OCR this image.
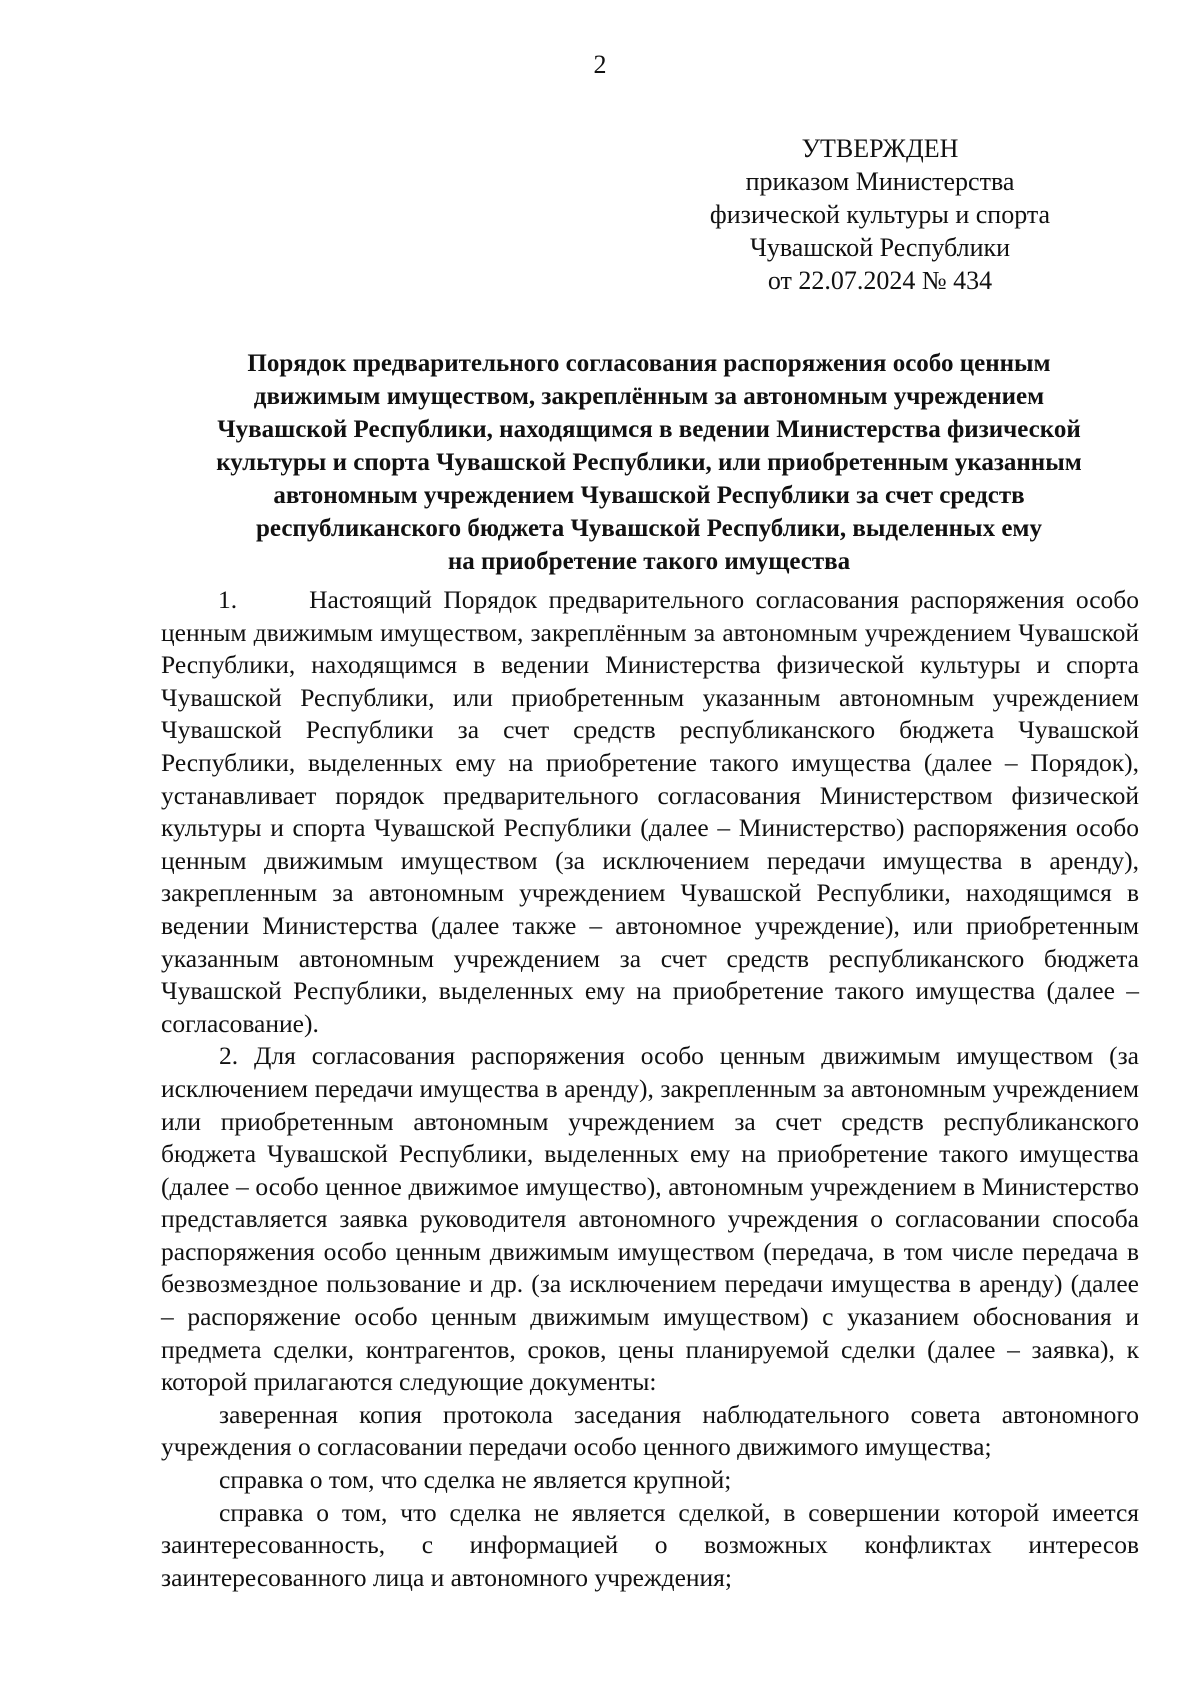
2
УТВЕРЖДЕН
приказом Министерства
физической культуры и спорта
Чувашской Республики
от 22.07.2024 № 434
Порядок предварительного согласования распоряжения особо ценным
движимым имуществом, закреплённым за автономным учреждением
Чувашской Республики, находящимся в ведении Министерства физической
культуры и спорта Чувашской Республики, или приобретенным указанным
автономным учреждением Чувашской Республики за счет средств
республиканского бюджета Чувашской Республики, выделенных ему
на приобретение такого имущества

1.	Настоящий Порядок предварительного согласования распоряжения особо ценным движимым имуществом, закреплённым за автономным учреждением Чувашской Республики, находящимся в ведении Министерства физической культуры и спорта Чувашской Республики, или приобретенным указанным автономным учреждением Чувашской Республики за счет средств республиканского бюджета Чувашской Республики, выделенных ему на приобретение такого имущества (далее – Порядок), устанавливает порядок предварительного согласования Министерством физической культуры и спорта Чувашской Республики (далее – Министерство) распоряжения особо ценным движимым имуществом (за исключением передачи имущества в аренду), закрепленным за автономным учреждением Чувашской Республики, находящимся в ведении Министерства (далее также – автономное учреждение), или приобретенным указанным автономным учреждением за счет средств республиканского бюджета Чувашской Республики, выделенных ему на приобретение такого имущества (далее – согласование).

2. Для согласования распоряжения особо ценным движимым имуществом (за исключением передачи имущества в аренду), закрепленным за автономным учреждением или приобретенным автономным учреждением за счет средств республиканского бюджета Чувашской Республики, выделенных ему на приобретение такого имущества (далее – особо ценное движимое имущество), автономным учреждением в Министерство представляется заявка руководителя автономного учреждения о согласовании способа распоряжения особо ценным движимым имуществом (передача, в том числе передача в безвозмездное пользование и др. (за исключением передачи имущества в аренду) (далее – распоряжение особо ценным движимым имуществом) с указанием обоснования и предмета сделки, контрагентов, сроков, цены планируемой сделки (далее – заявка), к которой прилагаются следующие документы:

заверенная копия протокола заседания наблюдательного совета автономного учреждения о согласовании передачи особо ценного движимого имущества;

справка о том, что сделка не является крупной;

справка о том, что сделка не является сделкой, в совершении которой имеется заинтересованность, с информацией о возможных конфликтах интересов заинтересованного лица и автономного учреждения;
